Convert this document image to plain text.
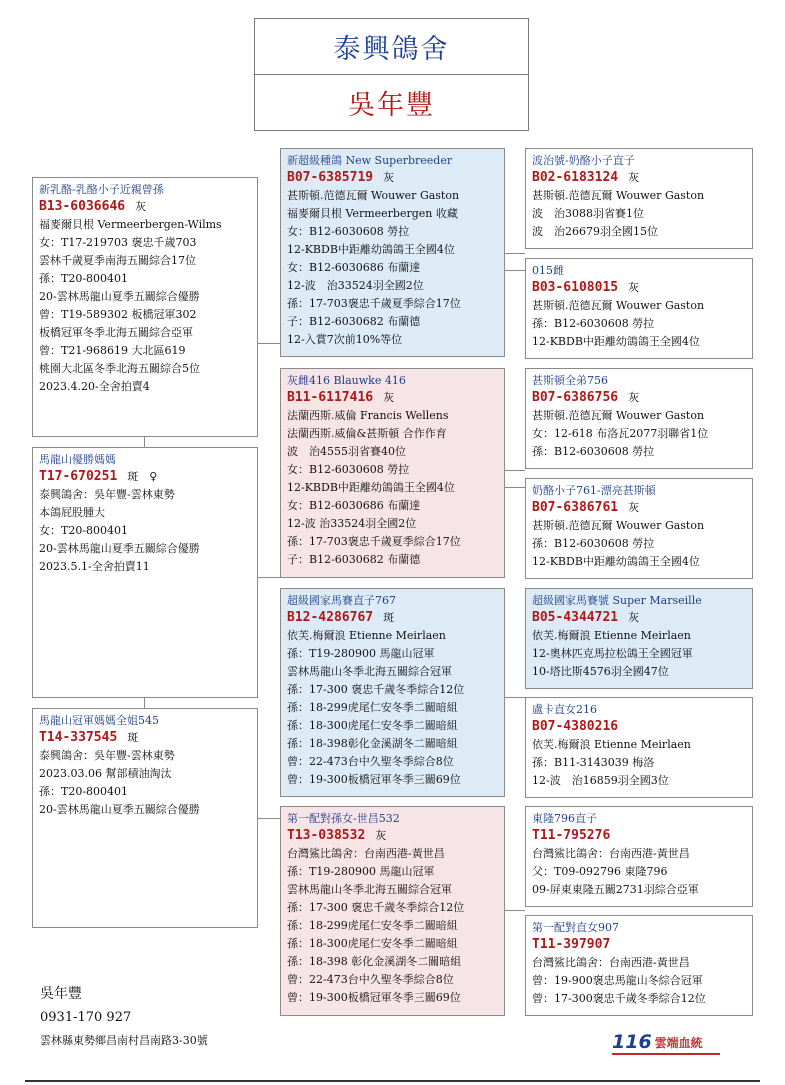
泰興鴿舍
吳年豐
新乳酪-乳酪小子近親曾孫
B13-6036646 灰
福麥爾貝根 Vermeerbergen-Wilms
女：T17-219703 褒忠千歲703
雲林千歲夏季南海五關綜合17位
孫：T20-800401
20-雲林馬龍山夏季五關綜合優勝
曾：T19-589302 板橋冠軍302
板橋冠軍冬季北海五關綜合亞軍
曾：T21-968619 大北區619
桃園大北區冬季北海五關綜合5位
2023.4.20-全舍拍賣4
馬龍山優勝媽媽
T17-670251 斑　♀
泰興鴿舍：吳年豐-雲林東勢
本鴿屁股腫大
女：T20-800401
20-雲林馬龍山夏季五關綜合優勝
2023.5.1-全舍拍賣11
馬龍山冠軍媽媽全姐545
T14-337545 斑
泰興鴿舍：吳年豐-雲林東勢
2023.03.06 幫部積油淘汰
孫：T20-800401
20-雲林馬龍山夏季五關綜合優勝
新超級種鴿 New Superbreeder
B07-6385719 灰
甚斯頓.范德瓦爾 Wouwer Gaston
福麥爾貝根 Vermeerbergen 收藏
女：B12-6030608 勞拉
12-KBDB中距離幼鴿鴿王全國4位
女：B12-6030686 布蘭達
12-波　治33524羽全國2位
孫：17-703褒忠千歲夏季綜合17位
子：B12-6030682 布蘭德
12-入賞7次前10%等位
灰雌416 Blauwke 416
B11-6117416 灰
法蘭西斯.威倫 Francis Wellens
法蘭西斯.威倫&甚斯頓 合作作育
波　治4555羽省賽40位
女：B12-6030608 勞拉
12-KBDB中距離幼鴿鴿王全國4位
女：B12-6030686 布蘭達
12-波 治33524羽全國2位
孫：17-703褒忠千歲夏季綜合17位
子：B12-6030682 布蘭德
超級國家馬賽直子767
B12-4286767 斑
依芙.梅爾浪 Etienne Meirlaen
孫：T19-280900 馬龍山冠軍
雲林馬龍山冬季北海五關綜合冠軍
孫：17-300 褒忠千歲冬季綜合12位
孫：18-299虎尾仁安冬季二關暗組
孫：18-300虎尾仁安冬季二關暗組
孫：18-398彰化金溪湖冬二關暗組
曾：22-473台中久聖冬季綜合8位
曾：19-300板橋冠軍冬季三關69位
第一配對孫女-世昌532
T13-038532 灰
台灣鯊比鴿舍：台南西港-黃世昌
孫：T19-280900 馬龍山冠軍
雲林馬龍山冬季北海五關綜合冠軍
孫：17-300 褒忠千歲冬季綜合12位
孫：18-299虎尾仁安冬季二關暗組
孫：18-300虎尾仁安冬季二關暗組
孫：18-398 彰化金溪湖冬二關暗組
曾：22-473台中久聖冬季綜合8位
曾：19-300板橋冠軍冬季三關69位
波治號-奶酪小子直子
B02-6183124 灰
甚斯頓.范德瓦爾 Wouwer Gaston
波　治3088羽省賽1位
波　治26679羽全國15位
015雌
B03-6108015 灰
甚斯頓.范德瓦爾 Wouwer Gaston
孫：B12-6030608 勞拉
12-KBDB中距離幼鴿鴿王全國4位
甚斯頓全弟756
B07-6386756 灰
甚斯頓.范德瓦爾 Wouwer Gaston
女：12-618 布洛瓦2077羽聯省1位
孫：B12-6030608 勞拉
奶酪小子761-漂亮甚斯頓
B07-6386761 灰
甚斯頓.范德瓦爾 Wouwer Gaston
孫：B12-6030608 勞拉
12-KBDB中距離幼鴿鴿王全國4位
超級國家馬賽號 Super Marseille
B05-4344721 灰
依芙.梅爾浪 Etienne Meirlaen
12-奧林匹克馬拉松鴿王全國冠軍
10-塔比斯4576羽全國47位
盧卡直女216
B07-4380216
依芙.梅爾浪 Etienne Meirlaen
孫：B11-3143039 梅洛
12-波　治16859羽全國3位
東隆796直子
T11-795276
台灣鯊比鴿舍：台南西港-黃世昌
父：T09-092796 東隆796
09-屏東東隆五關2731羽綜合亞軍
第一配對直女907
T11-397907
台灣鯊比鴿舍：台南西港-黃世昌
曾：19-900褒忠馬龍山冬綜合冠軍
曾：17-300褒忠千歲冬季綜合12位
吳年豐
0931-170 927
雲林縣東勢鄉昌南村昌南路3-30號	116 雲端血統
